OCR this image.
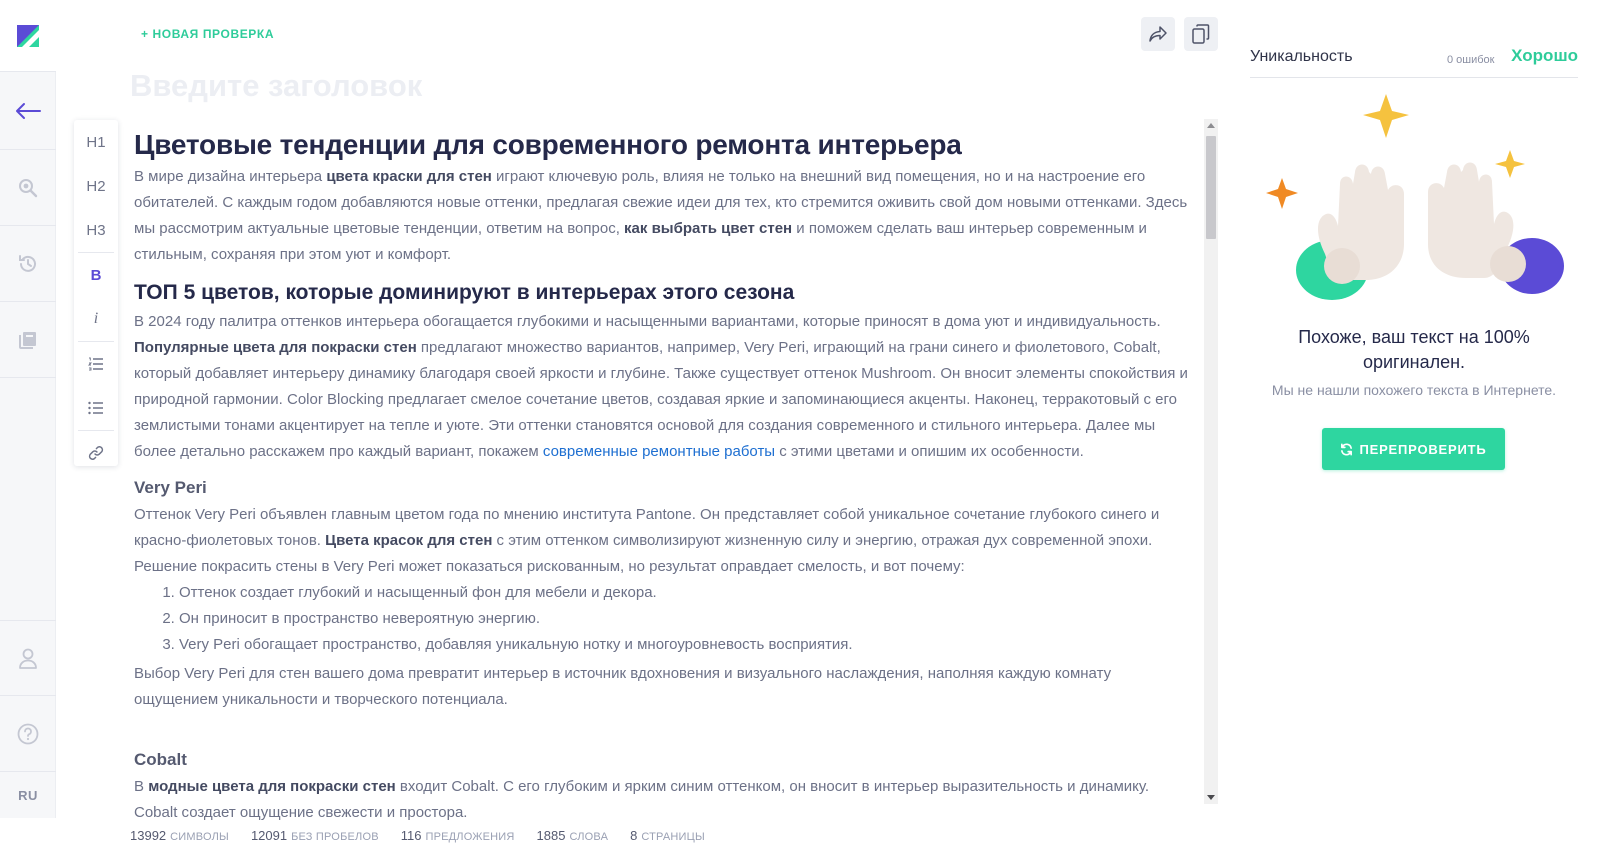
RU
+ НОВАЯ ПРОВЕРКА
Введите заголовок
H1
H2
H3
B
i
Цветовые тенденции для современного ремонта интерьера

В мире дизайна интерьера цвета краски для стен играют ключевую роль, влияя не только на внешний вид помещения, но и на настроение его обитателей. С каждым годом добавляются новые оттенки, предлагая свежие идеи для тех, кто стремится оживить свой дом новыми оттенками. Здесь мы рассмотрим актуальные цветовые тенденции, ответим на вопрос, как выбрать цвет стен и поможем сделать ваш интерьер современным и стильным, сохраняя при этом уют и комфорт.

ТОП 5 цветов, которые доминируют в интерьерах этого сезона

В 2024 году палитра оттенков интерьера обогащается глубокими и насыщенными вариантами, которые приносят в дома уют и индивидуальность. Популярные цвета для покраски стен предлагают множество вариантов, например, Very Peri, играющий на грани синего и фиолетового, Cobalt, который добавляет интерьеру динамику благодаря своей яркости и глубине. Также существует оттенок Mushroom. Он вносит элементы спокойствия и природной гармонии. Color Blocking предлагает смелое сочетание цветов, создавая яркие и запоминающиеся акценты. Наконец, терракотовый с его землистыми тонами акцентирует на тепле и уюте. Эти оттенки становятся основой для создания современного и стильного интерьера. Далее мы более детально расскажем про каждый вариант, покажем современные ремонтные работы с этими цветами и опишим их особенности.

Very Peri

Оттенок Very Peri объявлен главным цветом года по мнению института Pantone. Он представляет собой уникальное сочетание глубокого синего и красно-фиолетовых тонов. Цвета красок для стен с этим оттенком символизируют жизненную силу и энергию, отражая дух современной эпохи. Решение покрасить стены в Very Peri может показаться рискованным, но результат оправдает смелость, и вот почему:

1. Оттенок создает глубокий и насыщенный фон для мебели и декора.
2. Он приносит в пространство невероятную энергию.
3. Very Peri обогащает пространство, добавляя уникальную нотку и многоуровневость восприятия.

Выбор Very Peri для стен вашего дома превратит интерьер в источник вдохновения и визуального наслаждения, наполняя каждую комнату ощущением уникальности и творческого потенциала.

Cobalt

В модные цвета для покраски стен входит Cobalt. С его глубоким и ярким синим оттенком, он вносит в интерьер выразительность и динамику. Cobalt создает ощущение свежести и простора.

13992 СИМВОЛЫ 12091 БЕЗ ПРОБЕЛОВ 116 ПРЕДЛОЖЕНИЯ 1885 СЛОВА 8 СТРАНИЦЫ
Уникальность	0 ошибок Хорошо
Похоже, ваш текст на 100% оригинален.
Мы не нашли похожего текста в Интернете.
ПЕРЕПРОВЕРИТЬ
